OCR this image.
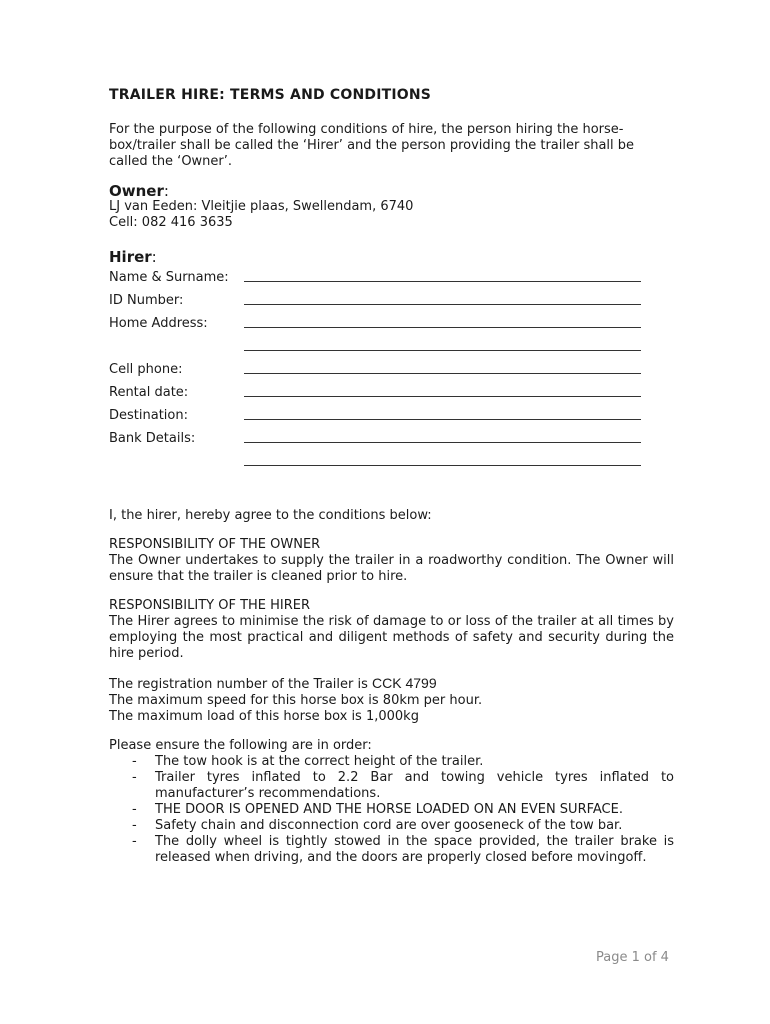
TRAILER HIRE: TERMS AND CONDITIONS

For the purpose of the following conditions of hire, the person hiring the horse-box/trailer shall be called the ‘Hirer’ and the person providing the trailer shall be called the ‘Owner’.

Owner:
LJ van Eeden: Vleitjie plaas, Swellendam, 6740
Cell: 082 416 3635
Hirer:
Name & Surname:
ID Number:
Home Address:
Cell phone:
Rental date:
Destination:
Bank Details:

I, the hirer, hereby agree to the conditions below:

RESPONSIBILITY OF THE OWNER
The Owner undertakes to supply the trailer in a roadworthy condition. The Owner will ensure that the trailer is cleaned prior to hire.
RESPONSIBILITY OF THE HIRER
The Hirer agrees to minimise the risk of damage to or loss of the trailer at all times by employing the most practical and diligent methods of safety and security during the hire period.
The registration number of the Trailer is CCK 4799
The maximum speed for this horse box is 80km per hour.
The maximum load of this horse box is 1,000kg
Please ensure the following are in order:
- The tow hook is at the correct height of the trailer.
- Trailer tyres inflated to 2.2 Bar and towing vehicle tyres inflated to manufacturer’s recommendations.
- THE DOOR IS OPENED AND THE HORSE LOADED ON AN EVEN SURFACE.
- Safety chain and disconnection cord are over gooseneck of the tow bar.
- The dolly wheel is tightly stowed in the space provided, the trailer brake is released when driving, and the doors are properly closed before movingoff.
Page 1 of 4
